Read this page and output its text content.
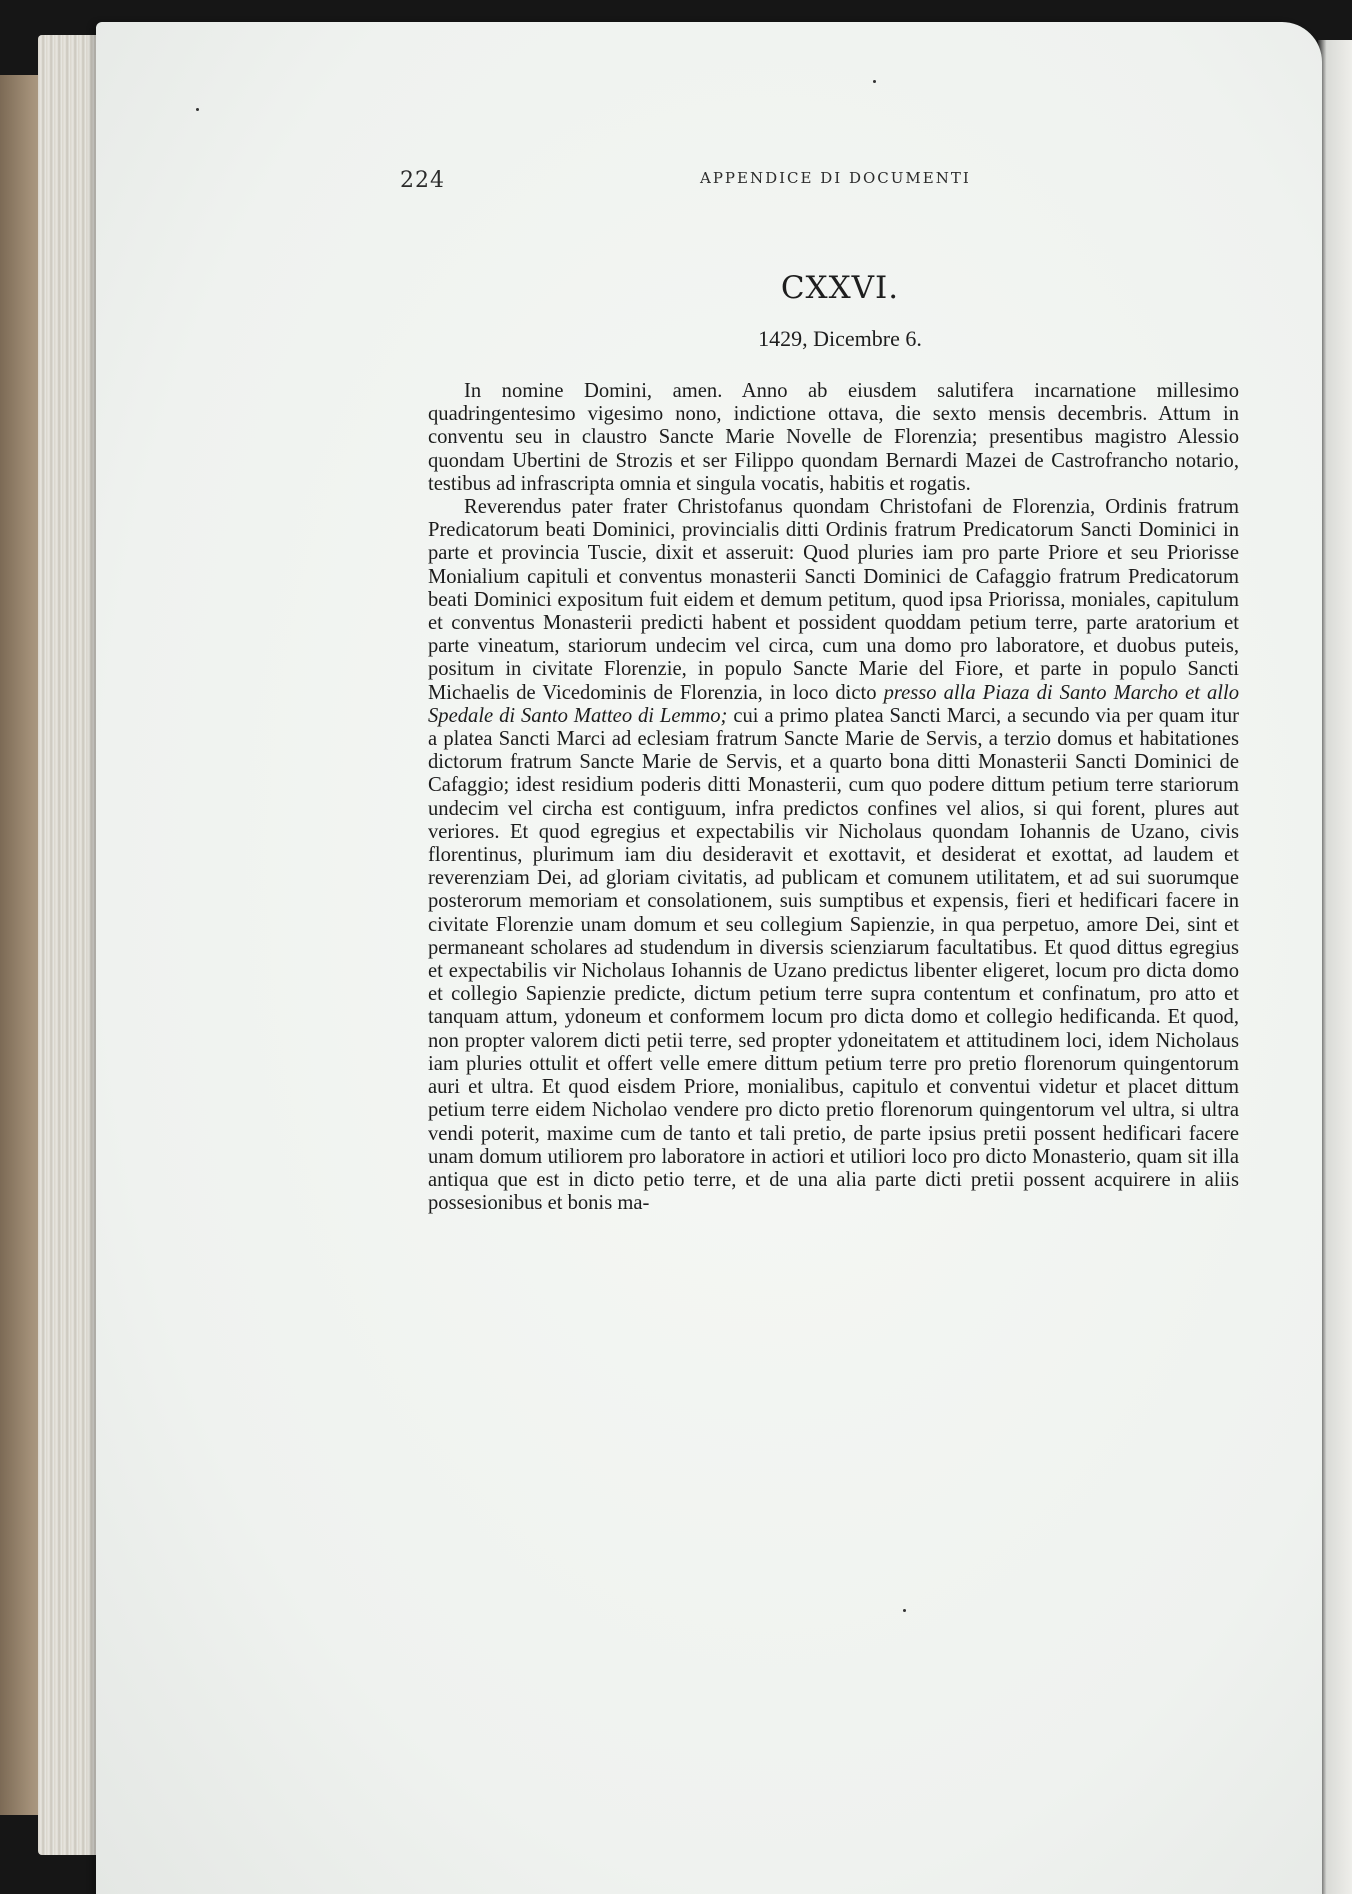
224	APPENDICE DI DOCUMENTI
CXXVI.
1429, Dicembre 6.

In nomine Domini, amen. Anno ab eiusdem salutifera incarnatione millesimo quadringentesimo vigesimo nono, indictione ottava, die sexto mensis decembris. Attum in conventu seu in claustro Sancte Marie Novelle de Florenzia; presentibus magistro Alessio quondam Ubertini de Strozis et ser Filippo quondam Bernardi Mazei de Castrofrancho notario, testibus ad infrascripta omnia et singula vocatis, habitis et rogatis.

Reverendus pater frater Christofanus quondam Christofani de Florenzia, Ordinis fratrum Predicatorum beati Dominici, provincialis ditti Ordinis fratrum Predicatorum Sancti Dominici in parte et provincia Tuscie, dixit et asseruit: Quod pluries iam pro parte Priore et seu Priorisse Monialium capituli et conventus monasterii Sancti Dominici de Cafaggio fratrum Predicatorum beati Dominici expositum fuit eidem et demum petitum, quod ipsa Priorissa, moniales, capitulum et conventus Monasterii predicti habent et possident quoddam petium terre, parte aratorium et parte vineatum, stariorum undecim vel circa, cum una domo pro laboratore, et duobus puteis, positum in civitate Florenzie, in populo Sancte Marie del Fiore, et parte in populo Sancti Michaelis de Vicedominis de Florenzia, in loco dicto presso alla Piaza di Santo Marcho et allo Spedale di Santo Matteo di Lemmo; cui a primo platea Sancti Marci, a secundo via per quam itur a platea Sancti Marci ad eclesiam fratrum Sancte Marie de Servis, a terzio domus et habitationes dictorum fratrum Sancte Marie de Servis, et a quarto bona ditti Monasterii Sancti Dominici de Cafaggio; idest residium poderis ditti Monasterii, cum quo podere dittum petium terre stariorum undecim vel circha est contiguum, infra predictos confines vel alios, si qui forent, plures aut veriores. Et quod egregius et expectabilis vir Nicholaus quondam Iohannis de Uzano, civis florentinus, plurimum iam diu desideravit et exottavit, et desiderat et exottat, ad laudem et reverenziam Dei, ad gloriam civitatis, ad publicam et comunem utilitatem, et ad sui suorumque posterorum memoriam et consolationem, suis sumptibus et expensis, fieri et hedificari facere in civitate Florenzie unam domum et seu collegium Sapienzie, in qua perpetuo, amore Dei, sint et permaneant scholares ad studendum in diversis scienziarum facultatibus. Et quod dittus egregius et expectabilis vir Nicholaus Iohannis de Uzano predictus libenter eligeret, locum pro dicta domo et collegio Sapienzie predicte, dictum petium terre supra contentum et confinatum, pro atto et tanquam attum, ydoneum et conformem locum pro dicta domo et collegio hedificanda. Et quod, non propter valorem dicti petii terre, sed propter ydoneitatem et attitudinem loci, idem Nicholaus iam pluries ottulit et offert velle emere dittum petium terre pro pretio florenorum quingentorum auri et ultra. Et quod eisdem Priore, monialibus, capitulo et conventui videtur et placet dittum petium terre eidem Nicholao vendere pro dicto pretio florenorum quingentorum vel ultra, si ultra vendi poterit, maxime cum de tanto et tali pretio, de parte ipsius pretii possent hedificari facere unam domum utiliorem pro laboratore in actiori et utiliori loco pro dicto Monasterio, quam sit illa antiqua que est in dicto petio terre, et de una alia parte dicti pretii possent acquirere in aliis possesionibus et bonis ma-
